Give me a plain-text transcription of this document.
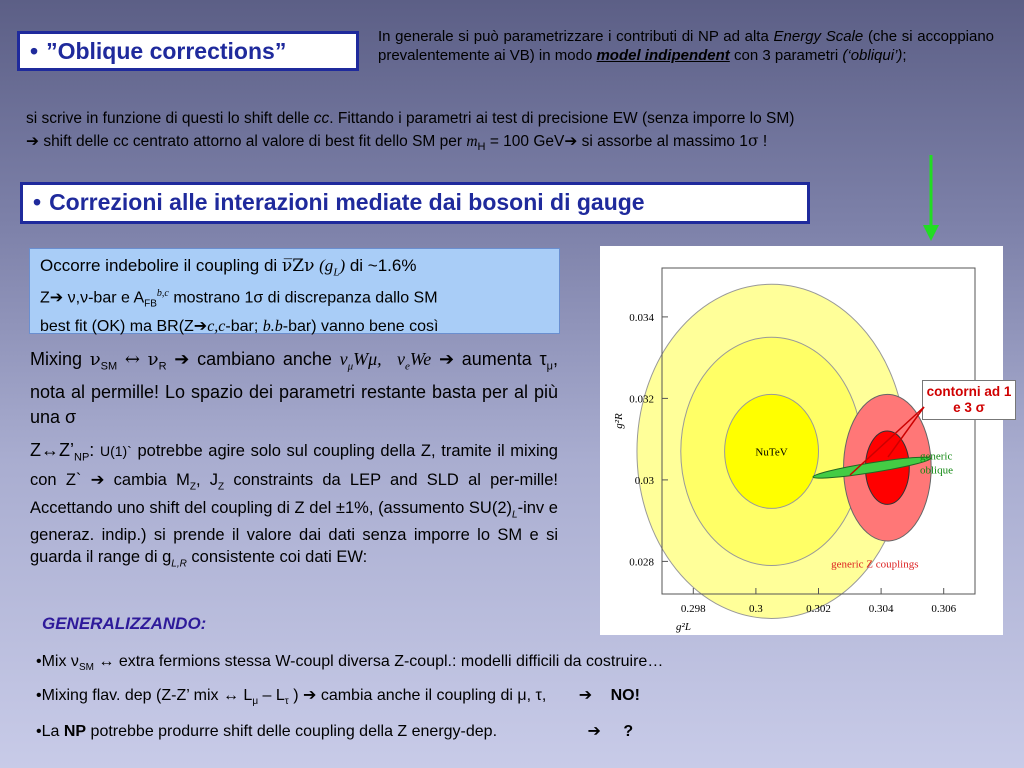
• ”Oblique corrections”
In generale si può parametrizzare i contributi di NP ad alta Energy Scale (che si accoppiano prevalentemente ai VB) in modo model indipendent con 3 parametri (‘obliqui’);
si scrive in funzione di questi lo shift delle cc. Fittando i parametri ai test di precisione EW (senza imporre lo SM)
➔ shift delle cc centrato attorno al valore di best fit dello SM per $m_H = 100$ GeV➔ si assorbe al massimo 1σ !
• Correzioni alle interazioni mediate dai bosoni di gauge
Occorre indebolire il coupling di ν̅Zν $(g_L)$ di ~1.6%
Z➔ ν,ν-bar e $A_{FB}^{b,c}$ mostrano 1σ di discrepanza dallo SM
best fit (OK) ma BR(Z➔c,c-bar; b.b-bar) vanno bene così
Mixing $\nu_{SM}$ ↔ $\nu_R$ ➔ cambiano anche $\nu_\mu W\mu$, $\nu_eWe$ ➔ aumenta $\tau_\mu$, nota al permille! Lo spazio dei parametri restante basta per al più una σ
$Z\leftrightarrow Z’_{NP}$: U(1)` potrebbe agire solo sul coupling della Z, tramite il mixing con Z` ➔ cambia $M_Z$, $J_Z$ constraints da LEP and SLD al per-mille! Accettando uno shift del coupling di Z del ±1%, (assumento $SU(2)_L$-inv e generaz. indip.) si prende il valore dai dati senza imporre lo SM e si guarda il range di $g_{L,R}$ consistente coi dati EW:
0.298	0.3	0.302	0.304	0.306
0.028
0.03
0.032
0.034
g²L
g²R
NuTeV	generic
oblique
generic Z couplings
contorni ad 1 e 3 σ
GENERALIZZANDO:
•Mix $\nu_{SM}$ ↔ extra fermions stessa W-coupl diversa Z-coupl.: modelli difficili da costruire…
•Mixing flav. dep (Z-Z’ mix ↔ $L_\mu - L_\tau$ ) ➔ cambia anche il coupling di μ, τ, ➔ NO!
•La NP potrebbe produrre shift delle coupling della Z energy-dep.	➔ ?
